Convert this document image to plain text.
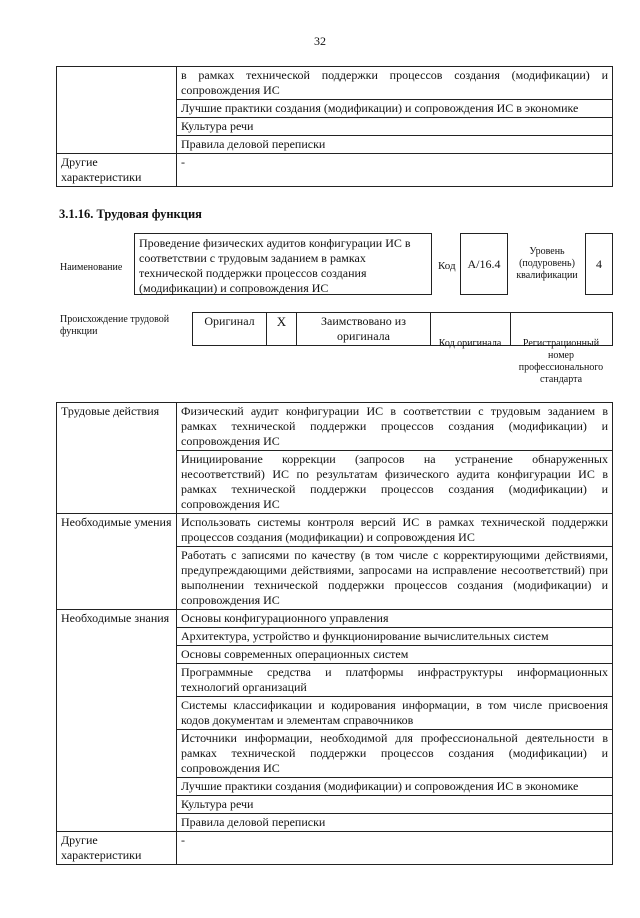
32
	в рамках технической поддержки процессов создания (модификации) и сопровождения ИС
	Лучшие практики создания (модификации) и сопровождения ИС в экономике
	Культура речи
	Правила деловой переписки
Другие характеристики	-
3.1.16. Трудовая функция
Наименование
Проведение физических аудитов конфигурации ИС в соответствии с трудовым заданием в рамках технической поддержки процессов создания (модификации) и сопровождения ИС
Код А/16.4
Уровень (подуровень) квалификации
4
Происхождение трудовой функции
Оригинал	X	Заимствовано из оригинала		
Код оригинала	Регистрационный номер профессионального стандарта
Трудовые действия	Физический аудит конфигурации ИС в соответствии с трудовым заданием в рамках технической поддержки процессов создания (модификации) и сопровождения ИС
	Инициирование коррекции (запросов на устранение обнаруженных несоответствий) ИС по результатам физического аудита конфигурации ИС в рамках технической поддержки процессов создания (модификации) и сопровождения ИС
Необходимые умения	Использовать системы контроля версий ИС в рамках технической поддержки процессов создания (модификации) и сопровождения ИС
	Работать с записями по качеству (в том числе с корректирующими действиями, предупреждающими действиями, запросами на исправление несоответствий) при выполнении технической поддержки процессов создания (модификации) и сопровождения ИС
Необходимые знания	Основы конфигурационного управления
	Архитектура, устройство и функционирование вычислительных систем
	Основы современных операционных систем
	Программные средства и платформы инфраструктуры информационных технологий организаций
	Системы классификации и кодирования информации, в том числе присвоения кодов документам и элементам справочников
	Источники информации, необходимой для профессиональной деятельности в рамках технической поддержки процессов создания (модификации) и сопровождения ИС
	Лучшие практики создания (модификации) и сопровождения ИС в экономике
	Культура речи
	Правила деловой переписки
Другие характеристики	-
